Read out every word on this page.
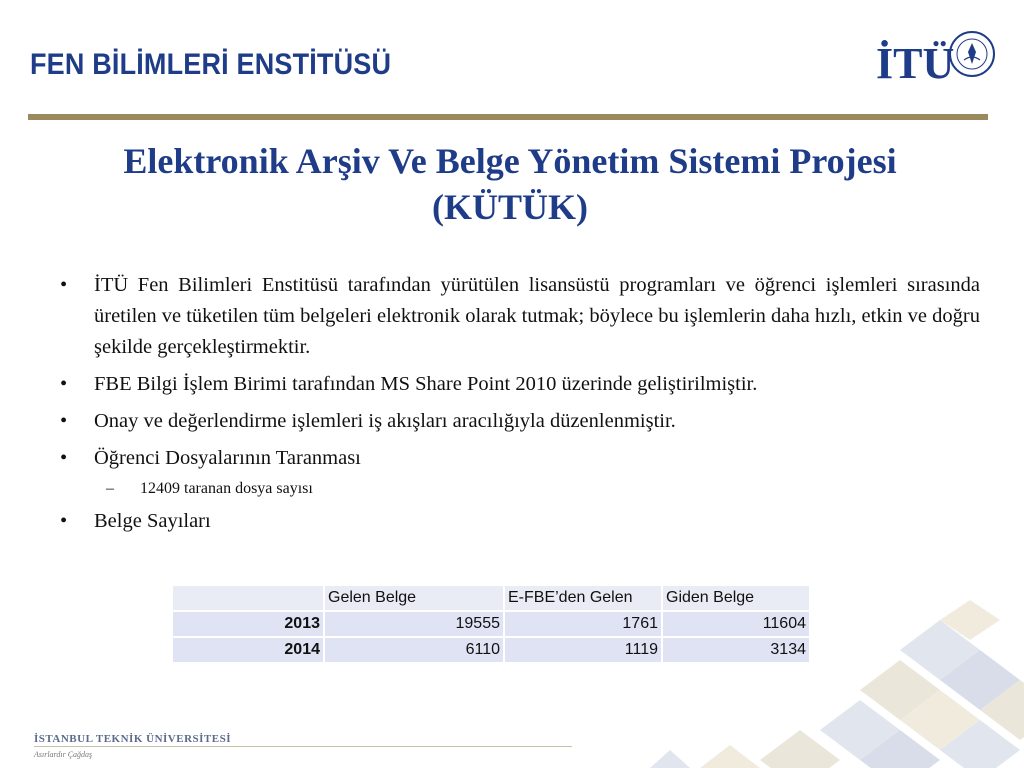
FEN BİLİMLERİ ENSTİTÜSÜ	İTÜ
Elektronik Arşiv Ve Belge Yönetim Sistemi Projesi
(KÜTÜK)
• İTÜ Fen Bilimleri Enstitüsü tarafından yürütülen lisansüstü programları ve öğrenci işlemleri sırasında üretilen ve tüketilen tüm belgeleri elektronik olarak tutmak; böylece bu işlemlerin daha hızlı, etkin ve doğru şekilde gerçekleştirmektir.
• FBE Bilgi İşlem Birimi tarafından MS Share Point 2010 üzerinde geliştirilmiştir.
• Onay ve değerlendirme işlemleri iş akışları aracılığıyla düzenlenmiştir.
• Öğrenci Dosyalarının Taranması
– 12409 taranan dosya sayısı
• Belge Sayıları
	Gelen Belge	E-FBE’den Gelen	Giden Belge
2013	19555	1761	11604
2014	6110	1119	3134
İSTANBUL TEKNİK ÜNİVERSİTESİ
Asırlardır Çağdaş
